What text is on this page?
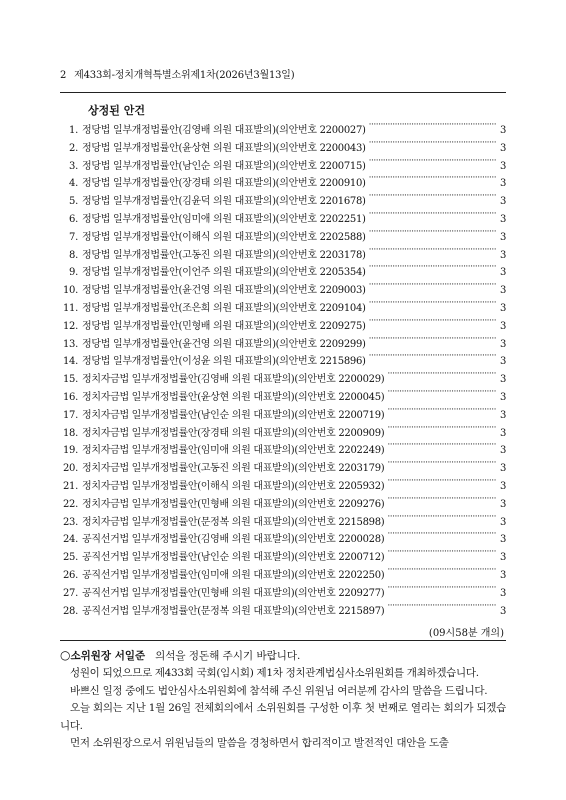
2 제433회-정치개혁특별소위제1차(2026년3월13일)
상정된 안건
1. 정당법 일부개정법률안(김영배 의원 대표발의)(의안번호 2200027) ·····	3
2. 정당법 일부개정법률안(윤상현 의원 대표발의)(의안번호 2200043) ·····	3
3. 정당법 일부개정법률안(남인순 의원 대표발의)(의안번호 2200715) ·····	3
4. 정당법 일부개정법률안(장경태 의원 대표발의)(의안번호 2200910) ·····	3
5. 정당법 일부개정법률안(김윤덕 의원 대표발의)(의안번호 2201678) ·····	3
6. 정당법 일부개정법률안(임미애 의원 대표발의)(의안번호 2202251) ·····	3
7. 정당법 일부개정법률안(이해식 의원 대표발의)(의안번호 2202588) ·····	3
8. 정당법 일부개정법률안(고동진 의원 대표발의)(의안번호 2203178) ·····	3
9. 정당법 일부개정법률안(이언주 의원 대표발의)(의안번호 2205354) ·····	3
10. 정당법 일부개정법률안(윤건영 의원 대표발의)(의안번호 2209003) ·····	3
11. 정당법 일부개정법률안(조은희 의원 대표발의)(의안번호 2209104) ·····	3
12. 정당법 일부개정법률안(민형배 의원 대표발의)(의안번호 2209275) ·····	3
13. 정당법 일부개정법률안(윤건영 의원 대표발의)(의안번호 2209299) ·····	3
14. 정당법 일부개정법률안(이성윤 의원 대표발의)(의안번호 2215896) ·····	3
15. 정치자금법 일부개정법률안(김영배 의원 대표발의)(의안번호 2200029) ·····	3
16. 정치자금법 일부개정법률안(윤상현 의원 대표발의)(의안번호 2200045) ·····	3
17. 정치자금법 일부개정법률안(남인순 의원 대표발의)(의안번호 2200719) ·····	3
18. 정치자금법 일부개정법률안(장경태 의원 대표발의)(의안번호 2200909) ·····	3
19. 정치자금법 일부개정법률안(임미애 의원 대표발의)(의안번호 2202249) ·····	3
20. 정치자금법 일부개정법률안(고동진 의원 대표발의)(의안번호 2203179) ·····	3
21. 정치자금법 일부개정법률안(이해식 의원 대표발의)(의안번호 2205932) ·····	3
22. 정치자금법 일부개정법률안(민형배 의원 대표발의)(의안번호 2209276) ·····	3
23. 정치자금법 일부개정법률안(문정복 의원 대표발의)(의안번호 2215898) ·····	3
24. 공직선거법 일부개정법률안(김영배 의원 대표발의)(의안번호 2200028) ·····	3
25. 공직선거법 일부개정법률안(남인순 의원 대표발의)(의안번호 2200712) ·····	3
26. 공직선거법 일부개정법률안(임미애 의원 대표발의)(의안번호 2202250) ·····	3
27. 공직선거법 일부개정법률안(민형배 의원 대표발의)(의안번호 2209277) ·····	3
28. 공직선거법 일부개정법률안(문정복 의원 대표발의)(의안번호 2215897) ·····	3
(09시58분 개의)
○소위원장 서일준 의석을 정돈해 주시기 바랍니다.

성원이 되었으므로 제433회 국회(임시회) 제1차 정치관계법심사소위원회를 개최하겠습니다.

바쁘신 일정 중에도 법안심사소위원회에 참석해 주신 위원님 여러분께 감사의 말씀을 드립니다.

오늘 회의는 지난 1월 26일 전체회의에서 소위원회를 구성한 이후 첫 번째로 열리는 회의가 되겠습니다.

먼저 소위원장으로서 위원님들의 말씀을 경청하면서 합리적이고 발전적인 대안을 도출
